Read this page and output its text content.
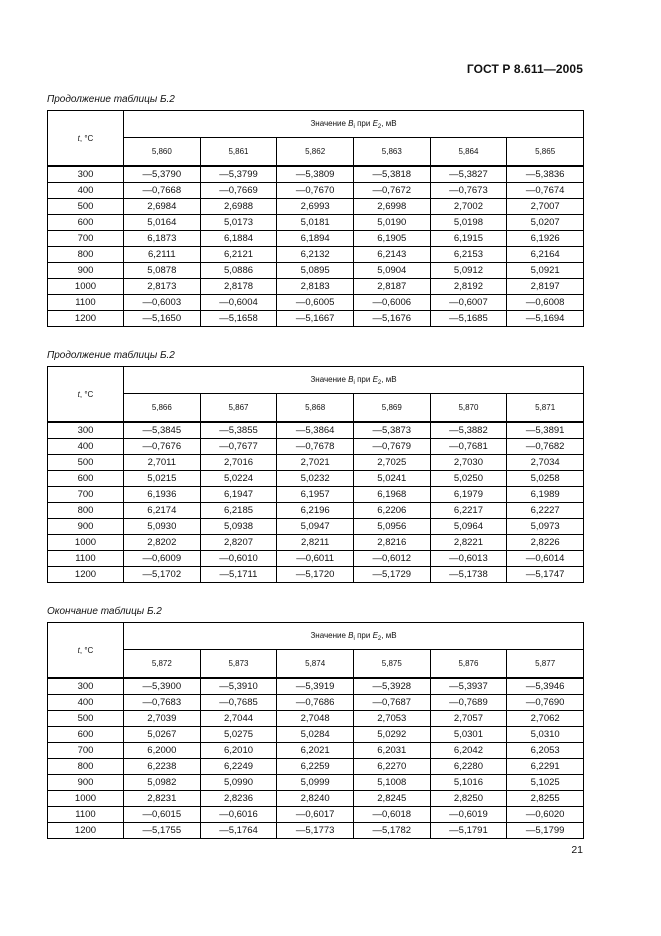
ГОСТ Р 8.611—2005
Продолжение таблицы Б.2
t, °С	Значение $B_i$ при $E_2$, мВ					
	5,860	5,861	5,862	5,863	5,864	5,865
300	—5,3790	—5,3799	—5,3809	—5,3818	—5,3827	—5,3836
400	—0,7668	—0,7669	—0,7670	—0,7672	—0,7673	—0,7674
500	2,6984	2,6988	2,6993	2,6998	2,7002	2,7007
600	5,0164	5,0173	5,0181	5,0190	5,0198	5,0207
700	6,1873	6,1884	6,1894	6,1905	6,1915	6,1926
800	6,2111	6,2121	6,2132	6,2143	6,2153	6,2164
900	5,0878	5,0886	5,0895	5,0904	5,0912	5,0921
1000	2,8173	2,8178	2,8183	2,8187	2,8192	2,8197
1100	—0,6003	—0,6004	—0,6005	—0,6006	—0,6007	—0,6008
1200	—5,1650	—5,1658	—5,1667	—5,1676	—5,1685	—5,1694
Продолжение таблицы Б.2
t, °С	Значение $B_i$ при $E_2$, мВ					
	5,866	5,867	5,868	5,869	5,870	5,871
300	—5,3845	—5,3855	—5,3864	—5,3873	—5,3882	—5,3891
400	—0,7676	—0,7677	—0,7678	—0,7679	—0,7681	—0,7682
500	2,7011	2,7016	2,7021	2,7025	2,7030	2,7034
600	5,0215	5,0224	5,0232	5,0241	5,0250	5,0258
700	6,1936	6,1947	6,1957	6,1968	6,1979	6,1989
800	6,2174	6,2185	6,2196	6,2206	6,2217	6,2227
900	5,0930	5,0938	5,0947	5,0956	5,0964	5,0973
1000	2,8202	2,8207	2,8211	2,8216	2,8221	2,8226
1100	—0,6009	—0,6010	—0,6011	—0,6012	—0,6013	—0,6014
1200	—5,1702	—5,1711	—5,1720	—5,1729	—5,1738	—5,1747
Окончание таблицы Б.2
t, °С	Значение $B_i$ при $E_2$, мВ					
	5,872	5,873	5,874	5,875	5,876	5,877
300	—5,3900	—5,3910	—5,3919	—5,3928	—5,3937	—5,3946
400	—0,7683	—0,7685	—0,7686	—0,7687	—0,7689	—0,7690
500	2,7039	2,7044	2,7048	2,7053	2,7057	2,7062
600	5,0267	5,0275	5,0284	5,0292	5,0301	5,0310
700	6,2000	6,2010	6,2021	6,2031	6,2042	6,2053
800	6,2238	6,2249	6,2259	6,2270	6,2280	6,2291
900	5,0982	5,0990	5,0999	5,1008	5,1016	5,1025
1000	2,8231	2,8236	2,8240	2,8245	2,8250	2,8255
1100	—0,6015	—0,6016	—0,6017	—0,6018	—0,6019	—0,6020
1200	—5,1755	—5,1764	—5,1773	—5,1782	—5,1791	—5,1799
21
